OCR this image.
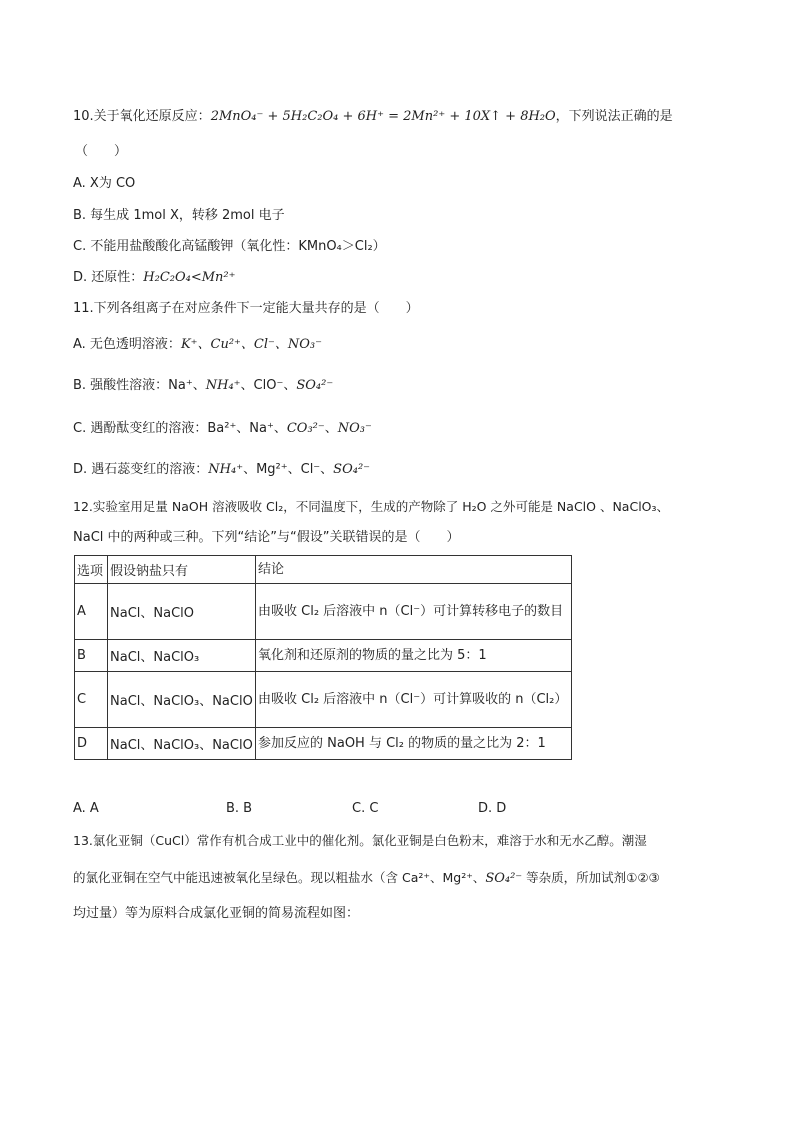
10.关于氧化还原反应：2MnO₄⁻ + 5H₂C₂O₄ + 6H⁺ = 2Mn²⁺ + 10X↑ + 8H₂O，下列说法正确的是
（　　）
A. X为 CO
B. 每生成 1mol X，转移 2mol 电子
C. 不能用盐酸酸化高锰酸钾（氧化性：KMnO₄＞Cl₂）
D. 还原性：H₂C₂O₄<Mn²⁺
11.下列各组离子在对应条件下一定能大量共存的是（　　）
A. 无色透明溶液：K⁺、Cu²⁺、Cl⁻、NO₃⁻
B. 强酸性溶液：Na⁺、NH₄⁺、ClO⁻、SO₄²⁻
C. 遇酚酞变红的溶液：Ba²⁺、Na⁺、CO₃²⁻、NO₃⁻
D. 遇石蕊变红的溶液：NH₄⁺、Mg²⁺、Cl⁻、SO₄²⁻
12.实验室用足量 NaOH 溶液吸收 Cl₂，不同温度下，生成的产物除了 H₂O 之外可能是 NaClO 、NaClO₃、
NaCl 中的两种或三种。下列“结论”与“假设”关联错误的是（　　）
选项	假设钠盐只有	结论
A	NaCl、NaClO	由吸收 Cl₂ 后溶液中 n（Cl⁻）可计算转移电子的数目
B	NaCl、NaClO₃	氧化剂和还原剂的物质的量之比为 5：1
C	NaCl、NaClO₃、NaClO	由吸收 Cl₂ 后溶液中 n（Cl⁻）可计算吸收的 n（Cl₂）
D	NaCl、NaClO₃、NaClO	参加反应的 NaOH 与 Cl₂ 的物质的量之比为 2：1
A. A	B. B	C. C	D. D
13.氯化亚铜（CuCl）常作有机合成工业中的催化剂。氯化亚铜是白色粉末，难溶于水和无水乙醇。潮湿
的氯化亚铜在空气中能迅速被氧化呈绿色。现以粗盐水（含 Ca²⁺、Mg²⁺、SO₄²⁻ 等杂质，所加试剂①②③
均过量）等为原料合成氯化亚铜的简易流程如图：
